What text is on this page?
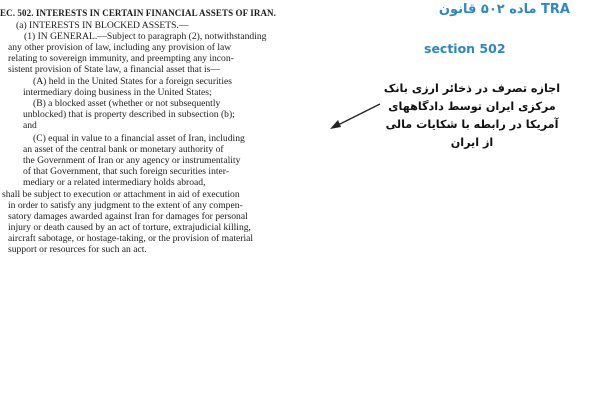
EC. 502. INTERESTS IN CERTAIN FINANCIAL ASSETS OF IRAN.
(a) INTERESTS IN BLOCKED ASSETS.—
(1) IN GENERAL.—Subject to paragraph (2), notwithstanding
any other provision of law, including any provision of law
relating to sovereign immunity, and preempting any incon-
sistent provision of State law, a financial asset that is—
(A) held in the United States for a foreign securities
intermediary doing business in the United States;
(B) a blocked asset (whether or not subsequently
unblocked) that is property described in subsection (b);
and
(C) equal in value to a financial asset of Iran, including
an asset of the central bank or monetary authority of
the Government of Iran or any agency or instrumentality
of that Government, that such foreign securities inter-
mediary or a related intermediary holds abroad,
shall be subject to execution or attachment in aid of execution
in order to satisfy any judgment to the extent of any compen-
satory damages awarded against Iran for damages for personal
injury or death caused by an act of torture, extrajudicial killing,
aircraft sabotage, or hostage-taking, or the provision of material
support or resources for such an act.
ماده ۵۰۲ قانون TRA
section 502
اجازه تصرف در ذخائر ارزی بانک
مرکزی ایران توسط دادگاههای
آمریکا در رابطه با شکایات مالی
از ایران
